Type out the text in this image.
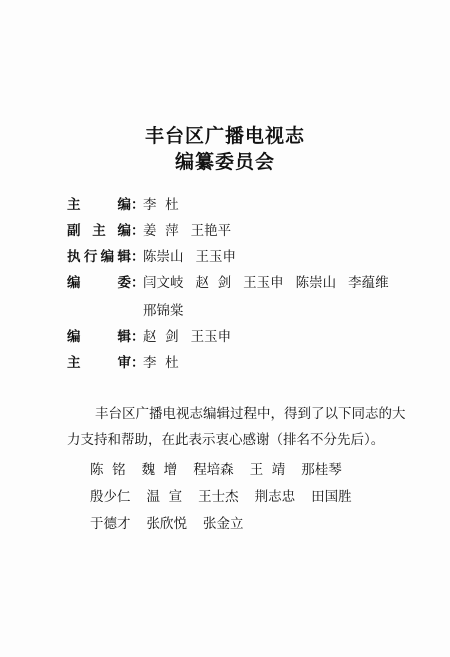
丰台区广播电视志
编纂委员会
主 编 ：
李  杜
副主编 ：
姜  萍 王艳平
执行编辑 ：
陈崇山 王玉申
编 委 ：
闫文岐 赵  剑 王玉申 陈崇山 李蕴维
邢锦棠
编 辑 ：
赵  剑 王玉申
主 审 ：
李  杜
丰台区广播电视志编辑过程中，得到了以下同志的大力支持和帮助，在此表示衷心感谢（排名不分先后）。
陈  铭 魏  增 程培森 王  靖 那桂琴
殷少仁 温  宣 王士杰 荆志忠 田国胜
于德才 张欣悦 张金立
